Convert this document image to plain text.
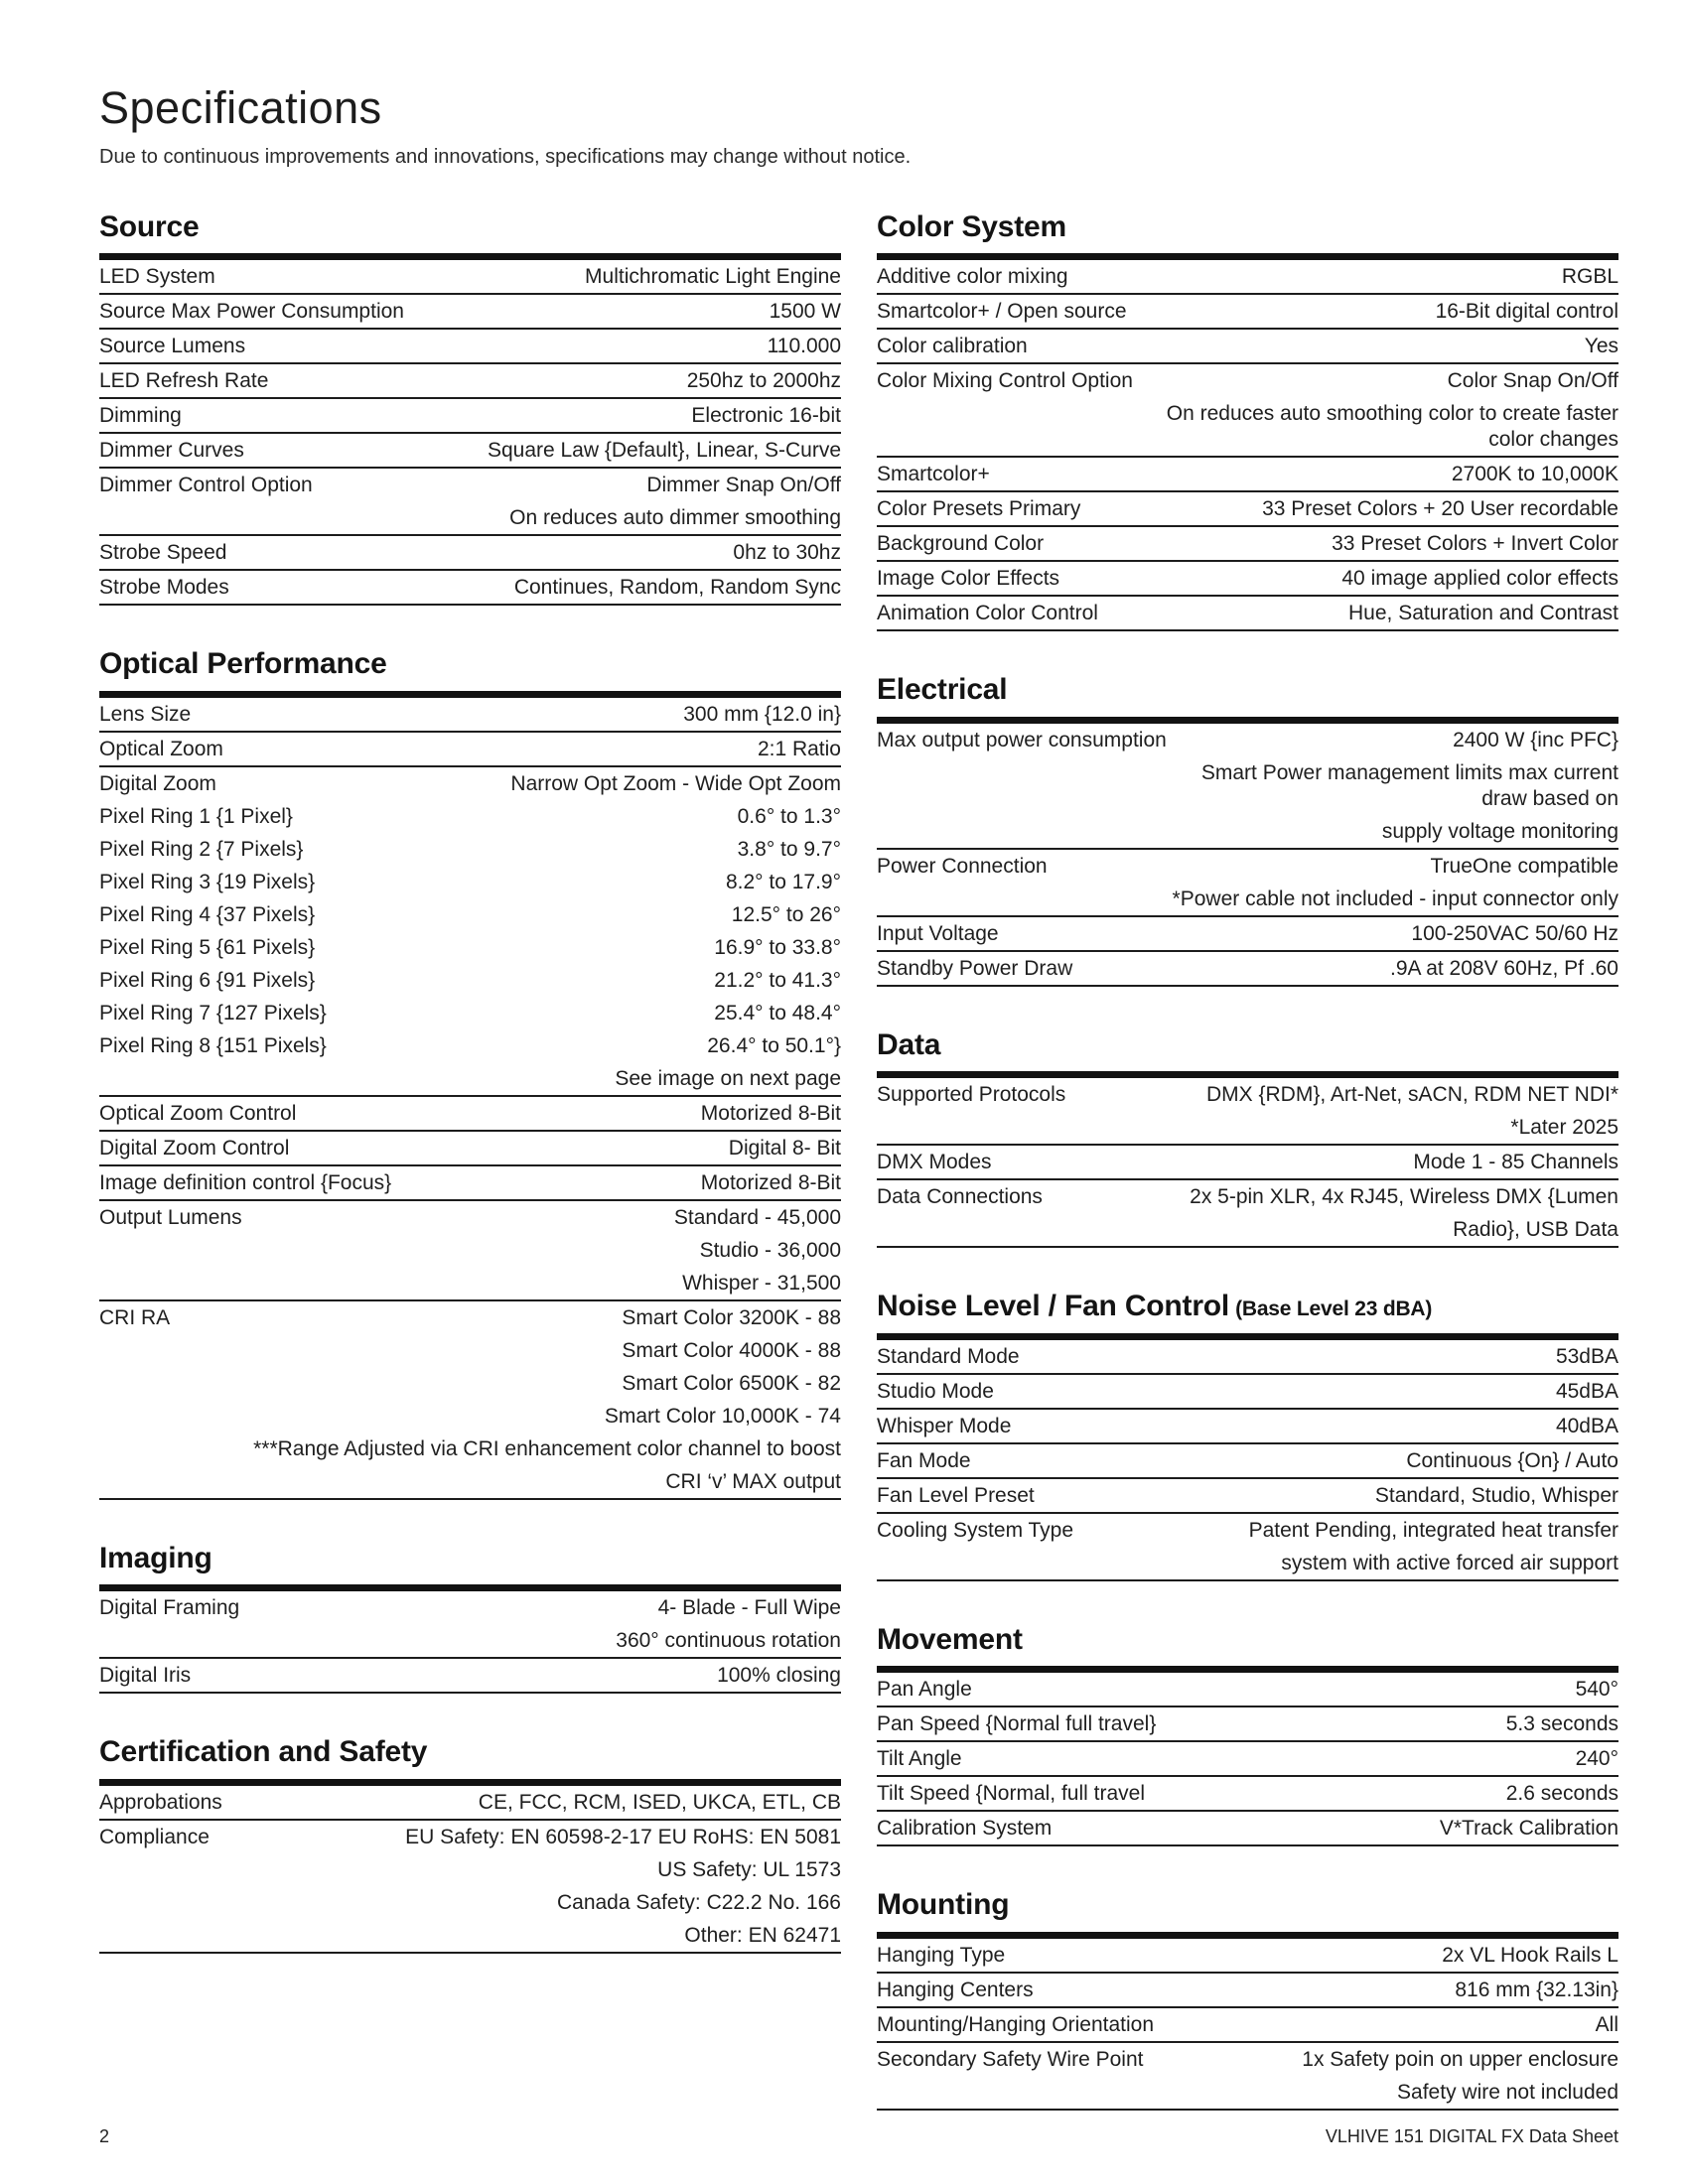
Specifications

Due to continuous improvements and innovations, specifications may change without notice.

Source
LED System	Multichromatic Light Engine
Source Max Power Consumption	1500 W
Source Lumens	110.000
LED Refresh Rate	250hz to 2000hz
Dimming	Electronic 16-bit
Dimmer Curves	Square Law {Default}, Linear, S-Curve
Dimmer Control Option	Dimmer Snap On/Off
On reduces auto dimmer smoothing
Strobe Speed	0hz to 30hz
Strobe Modes	Continues, Random, Random Sync
Optical Performance
Lens Size	300 mm {12.0 in}
Optical Zoom	2:1 Ratio
Digital Zoom	Narrow Opt Zoom - Wide Opt Zoom
Pixel Ring 1 {1 Pixel}	0.6° to 1.3°
Pixel Ring 2 {7 Pixels}	3.8° to 9.7°
Pixel Ring 3 {19 Pixels}	8.2° to 17.9°
Pixel Ring 4 {37 Pixels}	12.5° to 26°
Pixel Ring 5 {61 Pixels}	16.9° to 33.8°
Pixel Ring 6 {91 Pixels}	21.2° to 41.3°
Pixel Ring 7 {127 Pixels}	25.4° to 48.4°
Pixel Ring 8 {151 Pixels}	26.4° to 50.1°}
See image on next page
Optical Zoom Control	Motorized 8-Bit
Digital Zoom Control	Digital 8- Bit
Image definition control {Focus}	Motorized 8-Bit
Output Lumens	Standard - 45,000
Studio - 36,000
Whisper - 31,500
CRI RA	Smart Color 3200K - 88
Smart Color 4000K - 88
Smart Color 6500K - 82
Smart Color 10,000K - 74
***Range Adjusted via CRI enhancement color channel to boost
CRI ‘v’ MAX output
Imaging
Digital Framing	4- Blade - Full Wipe
360° continuous rotation
Digital Iris	100% closing
Certification and Safety
Approbations	CE, FCC, RCM, ISED, UKCA, ETL, CB
Compliance	EU Safety: EN 60598-2-17 EU RoHS: EN 5081
US Safety: UL 1573
Canada Safety: C22.2 No. 166
Other: EN 62471
Color System
Additive color mixing	RGBL
Smartcolor+ / Open source	16-Bit digital control
Color calibration	Yes
Color Mixing Control Option	Color Snap On/Off
On reduces auto smoothing color to create faster color changes
Smartcolor+	2700K to 10,000K
Color Presets Primary	33 Preset Colors + 20 User recordable
Background Color	33 Preset Colors + Invert Color
Image Color Effects	40 image applied color effects
Animation Color Control	Hue, Saturation and Contrast
Electrical
Max output power consumption	2400 W {inc PFC}
Smart Power management limits max current draw based on
supply voltage monitoring
Power Connection	TrueOne compatible
*Power cable not included - input connector only
Input Voltage	100-250VAC 50/60 Hz
Standby Power Draw	.9A at 208V 60Hz, Pf .60
Data
Supported Protocols	DMX {RDM}, Art-Net, sACN, RDM NET NDI*
*Later 2025
DMX Modes	Mode 1 - 85 Channels
Data Connections	2x 5-pin XLR, 4x RJ45, Wireless DMX {Lumen
Radio}, USB Data
Noise Level / Fan Control (Base Level 23 dBA)
Standard Mode	53dBA
Studio Mode	45dBA
Whisper Mode	40dBA
Fan Mode	Continuous {On} / Auto
Fan Level Preset	Standard, Studio, Whisper
Cooling System Type	Patent Pending, integrated heat transfer
system with active forced air support
Movement
Pan Angle	540°
Pan Speed {Normal full travel}	5.3 seconds
Tilt Angle	240°
Tilt Speed {Normal, full travel	2.6 seconds
Calibration System	V*Track Calibration
Mounting
Hanging Type	2x VL Hook Rails L
Hanging Centers	816 mm {32.13in}
Mounting/Hanging Orientation	All
Secondary Safety Wire Point	1x Safety poin on upper enclosure
Safety wire not included
2	VLHIVE 151 DIGITAL FX Data Sheet
